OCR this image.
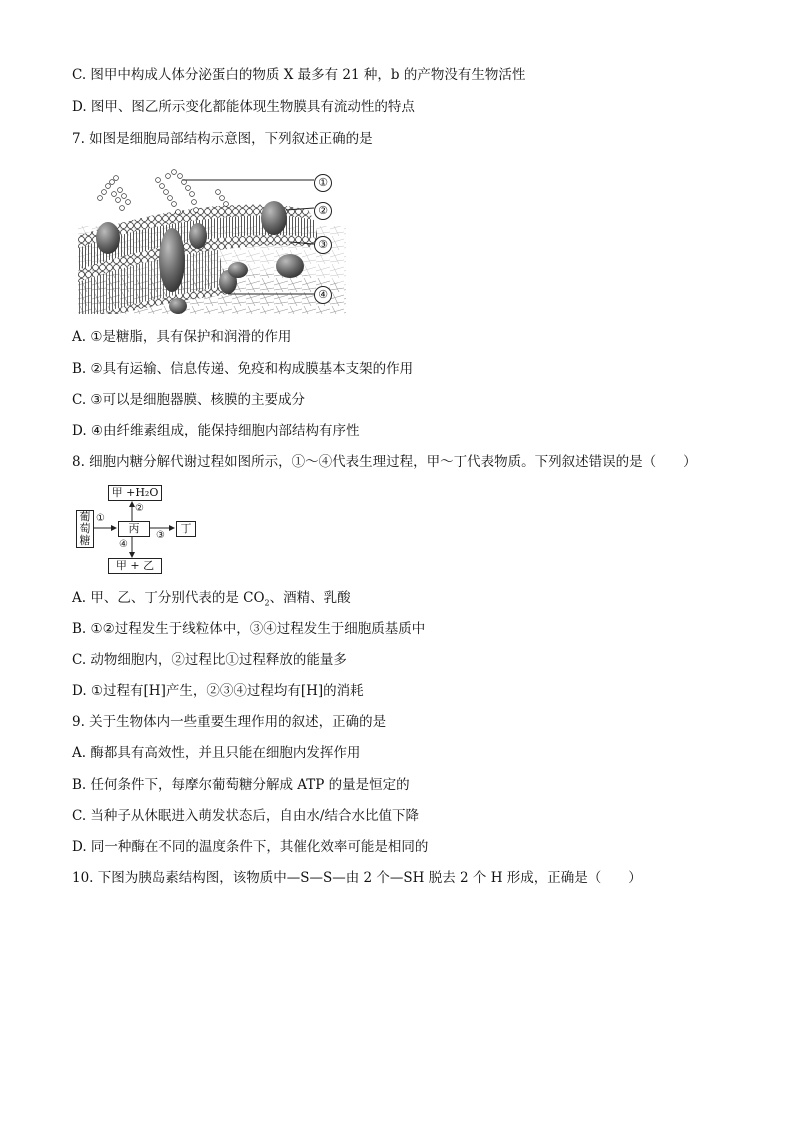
C. 图甲中构成人体分泌蛋白的物质 X 最多有 21 种，b 的产物没有生物活性
D. 图甲、图乙所示变化都能体现生物膜具有流动性的特点
7. 如图是细胞局部结构示意图，下列叙述正确的是
①
②
③
④
A. ①是糖脂，具有保护和润滑的作用
B. ②具有运输、信息传递、免疫和构成膜基本支架的作用
C. ③可以是细胞器膜、核膜的主要成分
D. ④由纤维素组成，能保持细胞内部结构有序性
8. 细胞内糖分解代谢过程如图所示，①～④代表生理过程，甲～丁代表物质。下列叙述错误的是（　　）
葡
萄
糖
丙	丁
甲 +H₂O
甲 + 乙
①
②
③
④
A. 甲、乙、丁分别代表的是 $CO_2$、酒精、乳酸
B. ①②过程发生于线粒体中，③④过程发生于细胞质基质中
C. 动物细胞内，②过程比①过程释放的能量多
D. ①过程有[H]产生，②③④过程均有[H]的消耗
9. 关于生物体内一些重要生理作用的叙述，正确的是
A. 酶都具有高效性，并且只能在细胞内发挥作用
B. 任何条件下，每摩尔葡萄糖分解成 ATP 的量是恒定的
C. 当种子从休眠进入萌发状态后，自由水/结合水比值下降
D. 同一种酶在不同的温度条件下，其催化效率可能是相同的
10. 下图为胰岛素结构图，该物质中—S—S—由 2 个—SH 脱去 2 个 H 形成，正确是（　　）
